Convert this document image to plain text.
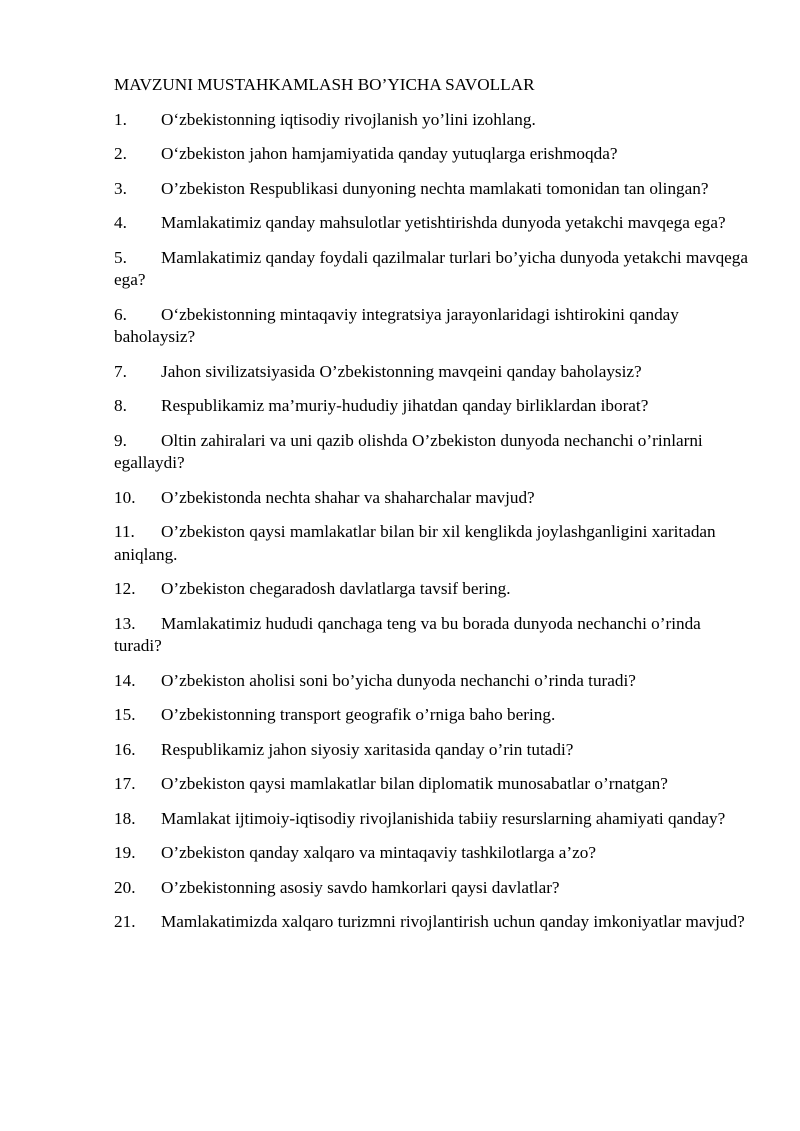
MAVZUNI MUSTAHKAMLASH BO’YICHA SAVOLLAR

1. O‘zbekistonning iqtisodiy rivojlanish yo’lini izohlang.
2. O‘zbekiston jahon hamjamiyatida qanday yutuqlarga erishmoqda?
3. O’zbekiston Respublikasi dunyoning nechta mamlakati tomonidan tan olingan?
4. Mamlakatimiz qanday mahsulotlar yetishtirishda dunyoda yetakchi mavqega ega?
5. Mamlakatimiz qanday foydali qazilmalar turlari bo’yicha dunyoda yetakchi mavqega ega?
6. O‘zbekistonning mintaqaviy integratsiya jarayonlaridagi ishtirokini qanday baholaysiz?
7. Jahon sivilizatsiyasida O’zbekistonning mavqeini qanday baholaysiz?
8. Respublikamiz ma’muriy-hududiy jihatdan qanday birliklardan iborat?
9. Oltin zahiralari va uni qazib olishda O’zbekiston dunyoda nechanchi o’rinlarni egallaydi?
10. O’zbekistonda nechta shahar va shaharchalar mavjud?
11. O’zbekiston qaysi mamlakatlar bilan bir xil kenglikda joylashganligini xaritadan aniqlang.
12. O’zbekiston chegaradosh davlatlarga tavsif bering.
13. Mamlakatimiz hududi qanchaga teng va bu borada dunyoda nechanchi o’rinda turadi?
14. O’zbekiston aholisi soni bo’yicha dunyoda nechanchi o’rinda turadi?
15. O’zbekistonning transport geografik o’rniga baho bering.
16. Respublikamiz jahon siyosiy xaritasida qanday o’rin tutadi?
17. O’zbekiston qaysi mamlakatlar bilan diplomatik munosabatlar o’rnatgan?
18. Mamlakat ijtimoiy-iqtisodiy rivojlanishida tabiiy resurslarning ahamiyati qanday?
19. O’zbekiston qanday xalqaro va mintaqaviy tashkilotlarga a’zo?
20. O’zbekistonning asosiy savdo hamkorlari qaysi davlatlar?
21. Mamlakatimizda xalqaro turizmni rivojlantirish uchun qanday imkoniyatlar mavjud?
